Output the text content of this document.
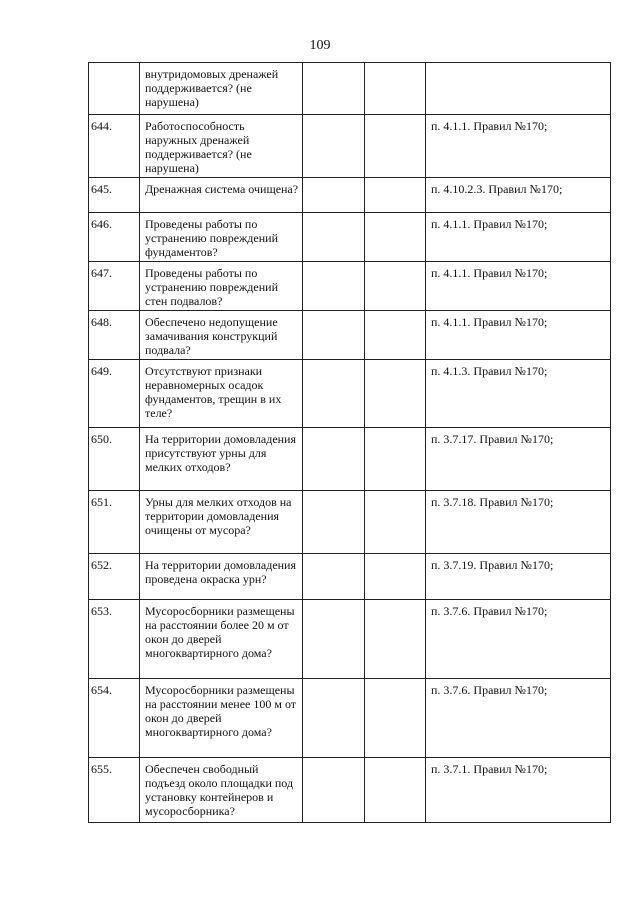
109
	внутридомовых дренажей поддерживается? (не нарушена)			
644.	Работоспособность наружных дренажей поддерживается? (не нарушена)			п. 4.1.1. Правил №170;
645.	Дренажная система очищена?			п. 4.10.2.3. Правил №170;
646.	Проведены работы по устранению повреждений фундаментов?			п. 4.1.1. Правил №170;
647.	Проведены работы по устранению повреждений стен подвалов?			п. 4.1.1. Правил №170;
648.	Обеспечено недопущение замачивания конструкций подвала?			п. 4.1.1. Правил №170;
649.	Отсутствуют признаки неравномерных осадок фундаментов, трещин в их теле?			п. 4.1.3. Правил №170;
650.	На территории домовладения присутствуют урны для мелких отходов?			п. 3.7.17. Правил №170;
651.	Урны для мелких отходов на территории домовладения очищены от мусора?			п. 3.7.18. Правил №170;
652.	На территории домовладения проведена окраска урн?			п. 3.7.19. Правил №170;
653.	Мусоросборники размещены на расстоянии более 20 м от окон до дверей многоквартирного дома?			п. 3.7.6. Правил №170;
654.	Мусоросборники размещены на расстоянии менее 100 м от окон до дверей многоквартирного дома?			п. 3.7.6. Правил №170;
655.	Обеспечен свободный подъезд около площадки под установку контейнеров и мусоросборника?			п. 3.7.1. Правил №170;
